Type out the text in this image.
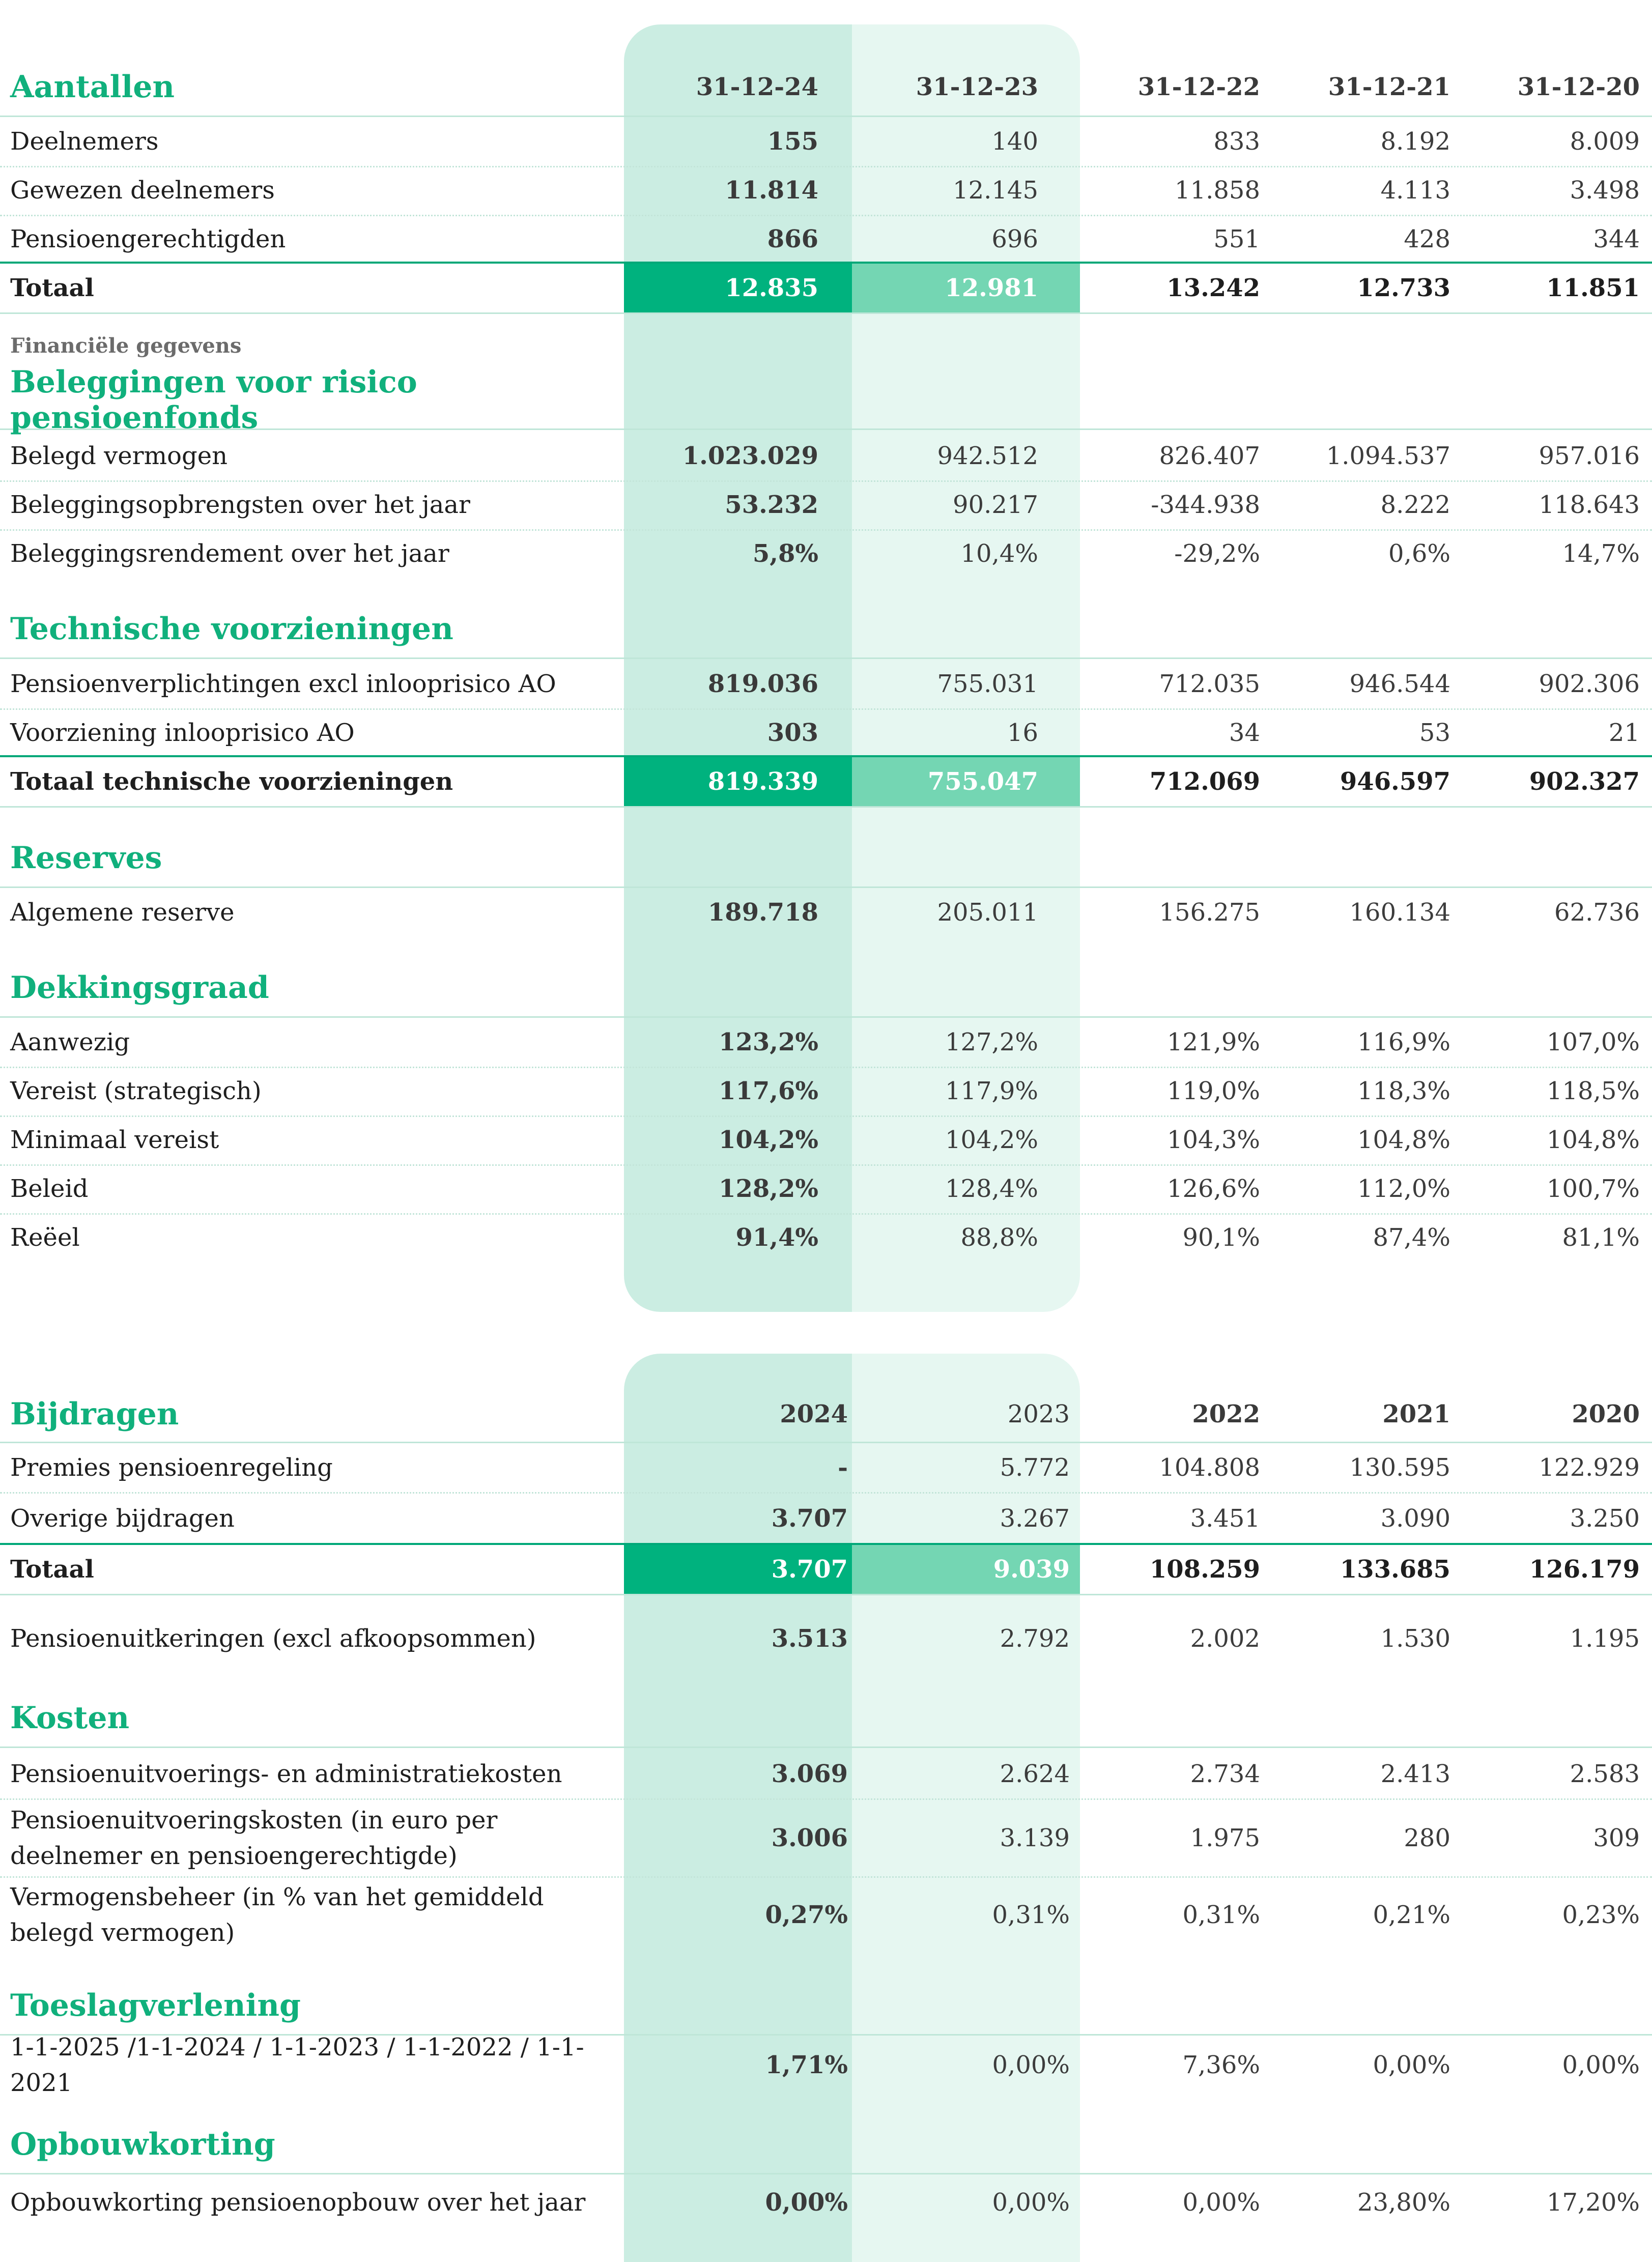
Aantallen	31-12-24	31-12-23	31-12-22	31-12-21	31-12-20
Deelnemers	155	140	833	8.192	8.009
Gewezen deelnemers	11.814	12.145	11.858	4.113	3.498
Pensioengerechtigden	866	696	551	428	344
Totaal	12.835	12.981	13.242	12.733	11.851
Financiële gegevens
Beleggingen voor risico pensioenfonds
Belegd vermogen	1.023.029	942.512	826.407	1.094.537	957.016
Beleggingsopbrengsten over het jaar	53.232	90.217	-344.938	8.222	118.643
Beleggingsrendement over het jaar	5,8%	10,4%	-29,2%	0,6%	14,7%
Technische voorzieningen
Pensioenverplichtingen excl inlooprisico AO	819.036	755.031	712.035	946.544	902.306
Voorziening inlooprisico AO	303	16	34	53	21
Totaal technische voorzieningen	819.339	755.047	712.069	946.597	902.327
Reserves
Algemene reserve	189.718	205.011	156.275	160.134	62.736
Dekkingsgraad
Aanwezig	123,2%	127,2%	121,9%	116,9%	107,0%
Vereist (strategisch)	117,6%	117,9%	119,0%	118,3%	118,5%
Minimaal vereist	104,2%	104,2%	104,3%	104,8%	104,8%
Beleid	128,2%	128,4%	126,6%	112,0%	100,7%
Reëel	91,4%	88,8%	90,1%	87,4%	81,1%
Bijdragen	2024	2023	2022	2021	2020
Premies pensioenregeling	-	5.772	104.808	130.595	122.929
Overige bijdragen	3.707	3.267	3.451	3.090	3.250
Totaal	3.707	9.039	108.259	133.685	126.179
Pensioenuitkeringen (excl afkoopsommen)	3.513	2.792	2.002	1.530	1.195
Kosten
Pensioenuitvoerings- en administratiekosten	3.069	2.624	2.734	2.413	2.583
Pensioenuitvoeringskosten (in euro per deelnemer en pensioengerechtigde)
3.006	3.139	1.975	280	309
Vermogensbeheer (in % van het gemiddeld belegd vermogen)
0,27%	0,31%	0,31%	0,21%	0,23%
Toeslagverlening
1-1-2025 /1-1-2024 / 1-1-2023 / 1-1-2022 / 1-1-2021
1,71%	0,00%	7,36%	0,00%	0,00%
Opbouwkorting
Opbouwkorting pensioenopbouw over het jaar	0,00%	0,00%	0,00%	23,80%	17,20%
